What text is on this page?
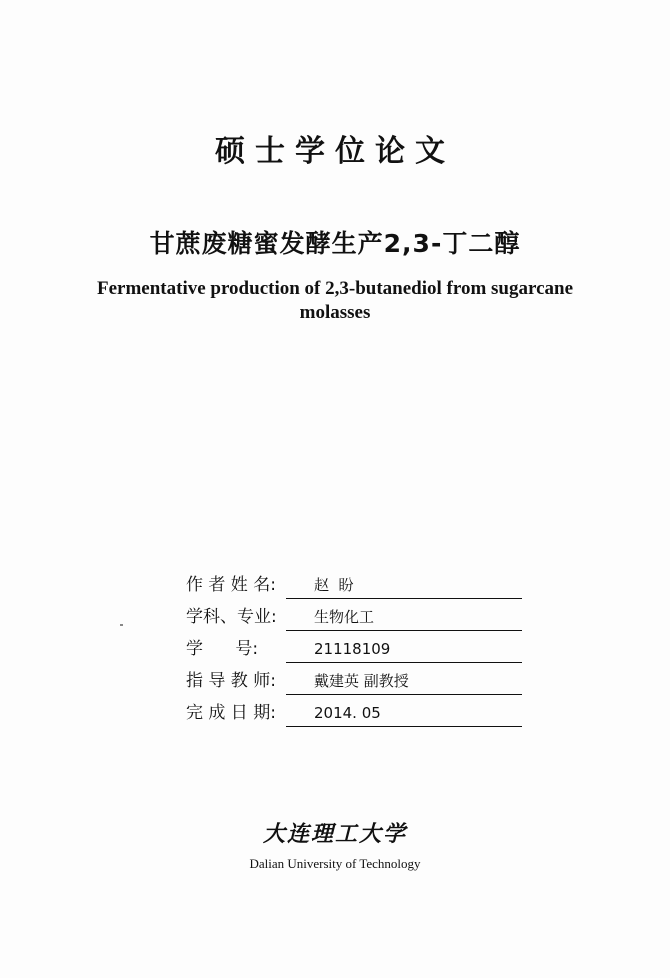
硕士学位论文
甘蔗废糖蜜发酵生产2,3-丁二醇
Fermentative production of 2,3-butanediol from sugarcane molasses
作 者 姓 名:	赵  盼
学科、专业:	生物化工
学      号:	21118109
指 导 教 师:	戴建英 副教授
完 成 日 期:	2014. 05
大连理工大学
Dalian University of Technology
